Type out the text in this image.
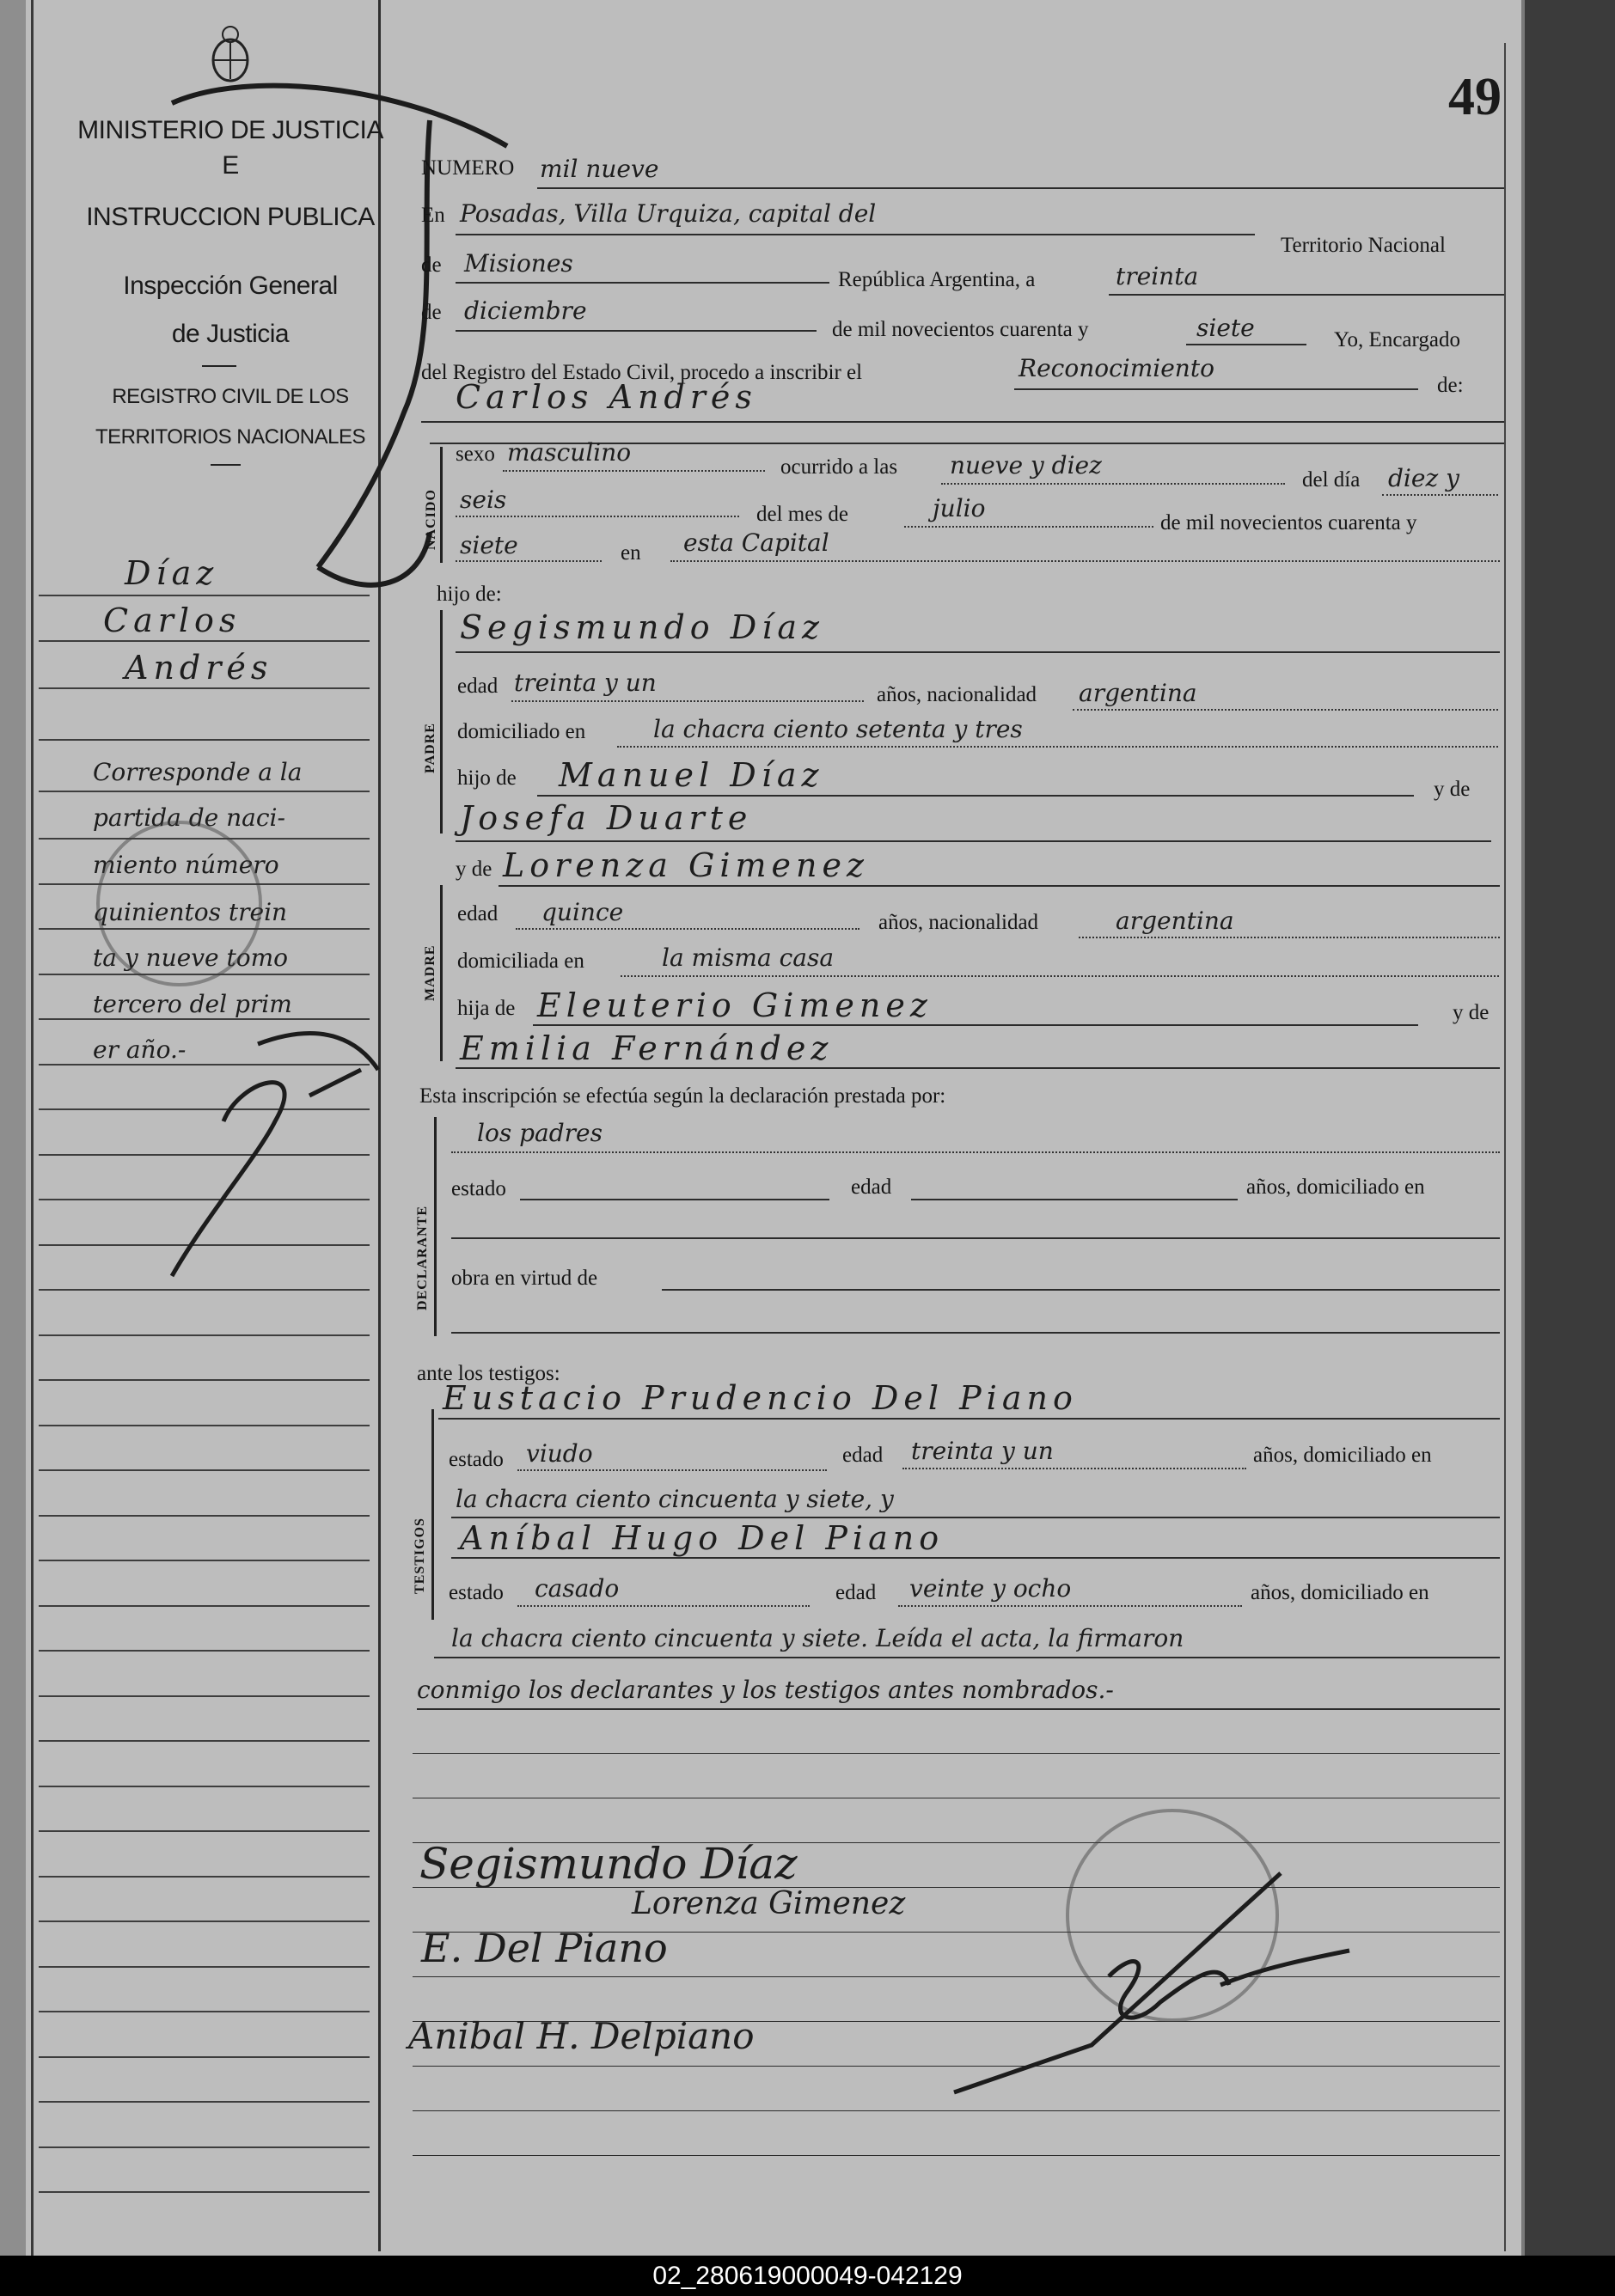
MINISTERIO DE JUSTICIA
E
INSTRUCCION PUBLICA
Inspección General
de Justicia
REGISTRO CIVIL DE LOS
TERRITORIOS NACIONALES
Díaz
Carlos
Andrés
Corresponde a la
partida de naci-
miento número
quinientos trein
ta y nueve tomo
tercero del prim
er año.-
49
NUMERO mil nueve
En Posadas, Villa Urquiza, capital del
Territorio Nacional
de Misiones
República Argentina, a	treinta
de diciembre
de mil novecientos cuarenta y	siete	Yo, Encargado
del Registro del Estado Civil, procedo a inscribir el	Reconocimiento
de:
Carlos Andrés
NACIDO
sexo masculino
ocurrido a las nueve y diez
del día diez y
seis
del mes de	julio
de mil novecientos cuarenta y
siete	en esta Capital
hijo de:
PADRE
Segismundo Díaz
edad treinta y un	años, nacionalidad argentina
domiciliado en	la chacra ciento setenta y tres
hijo de Manuel Díaz	y de
Josefa Duarte
y de Lorenza Gimenez
MADRE
edad quince	años, nacionalidad	argentina
domiciliada en	la misma casa
hija de Eleuterio Gimenez	y de
Emilia Fernández
Esta inscripción se efectúa según la declaración prestada por:
DECLARANTE
los padres
estado	edad	años, domiciliado en
obra en virtud de
ante los testigos:
TESTIGOS
Eustacio Prudencio Del Piano
estado viudo	edad treinta y un	años, domiciliado en
la chacra ciento cincuenta y siete, y
Aníbal Hugo Del Piano
estado casado	edad veinte y ocho	años, domiciliado en
la chacra ciento cincuenta y siete. Leída el acta, la firmaron
conmigo los declarantes y los testigos antes nombrados.-
Segismundo Díaz
Lorenza Gimenez
E. Del Piano
Anibal H. Delpiano
02_280619000049-042129
